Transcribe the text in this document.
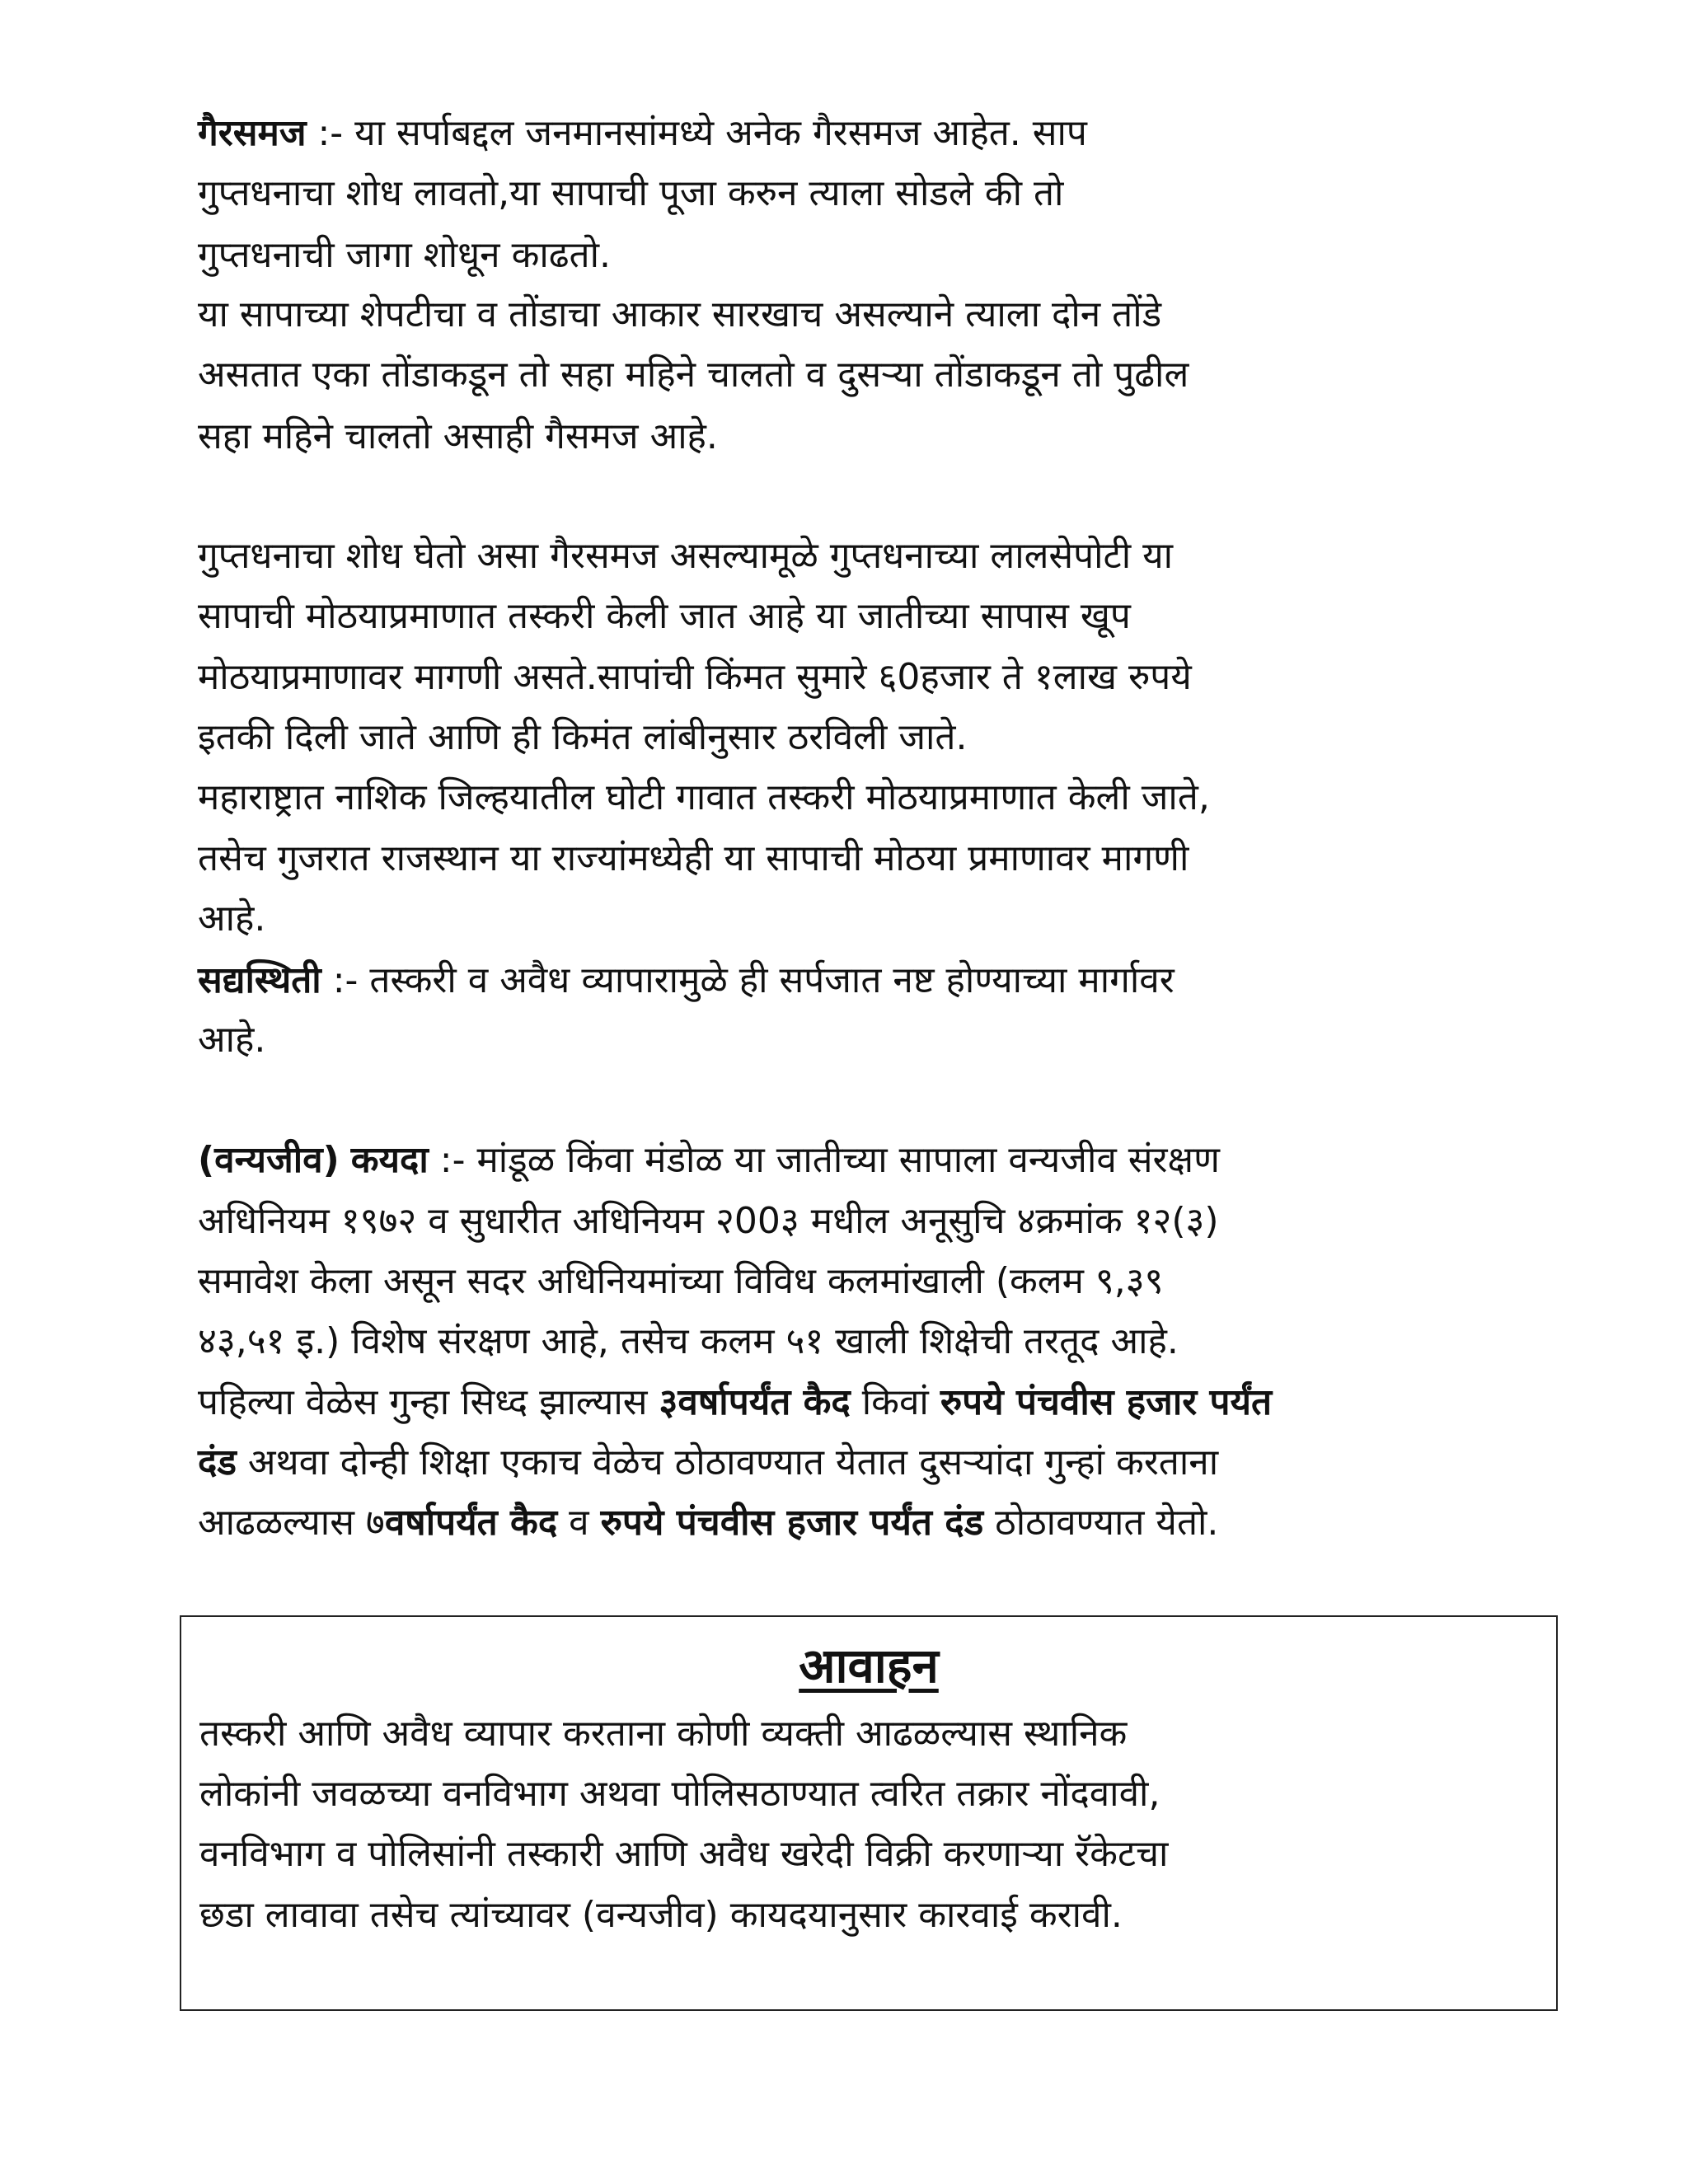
गैरसमज :- या सर्पाबद्दल जनमानसांमध्ये अनेक गैरसमज आहेत. साप
गुप्तधनाचा शोध लावतो,या सापाची पूजा करुन त्याला सोडले की तो
गुप्तधनाची जागा शोधून काढतो.
या सापाच्या शेपटीचा व तोंडाचा आकार सारखाच असल्याने त्याला दोन तोंडे
असतात एका तोंडाकडून तो सहा महिने चालतो व दुसऱ्या तोंडाकडून तो पुढील
सहा महिने चालतो असाही गैसमज आहे.
गुप्तधनाचा शोध घेतो असा गैरसमज असल्यामूळे गुप्तधनाच्या लालसेपोटी या
सापाची मोठयाप्रमाणात तस्करी केली जात आहे या जातीच्या सापास खूप
मोठयाप्रमाणावर मागणी असते.सापांची किंमत सुमारे ६0हजार ते १लाख रुपये
इतकी दिली जाते आणि ही किमंत लांबीनुसार ठरविली जाते.
महाराष्ट्रात नाशिक जिल्हयातील घोटी गावात तस्करी मोठयाप्रमाणात केली जाते,
तसेच गुजरात राजस्थान या राज्यांमध्येही या सापाची मोठया प्रमाणावर मागणी
आहे.
सद्यस्थिती :- तस्करी व अवैध व्यापारामुळे ही सर्पजात नष्ट होण्याच्या मार्गावर
आहे.
(वन्यजीव) कयदा :- मांडूळ किंवा मंडोळ या जातीच्या सापाला वन्यजीव संरक्षण
अधिनियम १९७२ व सुधारीत अधिनियम २00३ मधील अनूसुचि ४क्रमांक १२(३)
समावेश केला असून सदर अधिनियमांच्या विविध कलमांखाली (कलम ९,३९
४३,५१ इ.) विशेष संरक्षण आहे, तसेच कलम ५१ खाली शिक्षेची तरतूद आहे.
पहिल्या वेळेस गुन्हा सिध्द झाल्यास ३वर्षापर्यंत कैद किवां रुपये पंचवीस हजार पर्यंत
दंड अथवा दोन्ही शिक्षा एकाच वेळेच ठोठावण्यात येतात दुसऱ्यांदा गुन्हां करताना
आढळल्यास ७वर्षापर्यंत कैद व रुपये पंचवीस हजार पर्यंत दंड ठोठावण्यात येतो.
आवाहन
तस्करी आणि अवैध व्यापार करताना कोणी व्यक्ती आढळल्यास स्थानिक
लोकांनी जवळच्या वनविभाग अथवा पोलिसठाण्यात त्वरित तक्रार नोंदवावी,
वनविभाग व पोलिसांनी तस्कारी आणि अवैध खरेदी विक्री करणाऱ्या रॅकेटचा
छडा लावावा तसेच त्यांच्यावर (वन्यजीव) कायदयानुसार कारवाई करावी.
